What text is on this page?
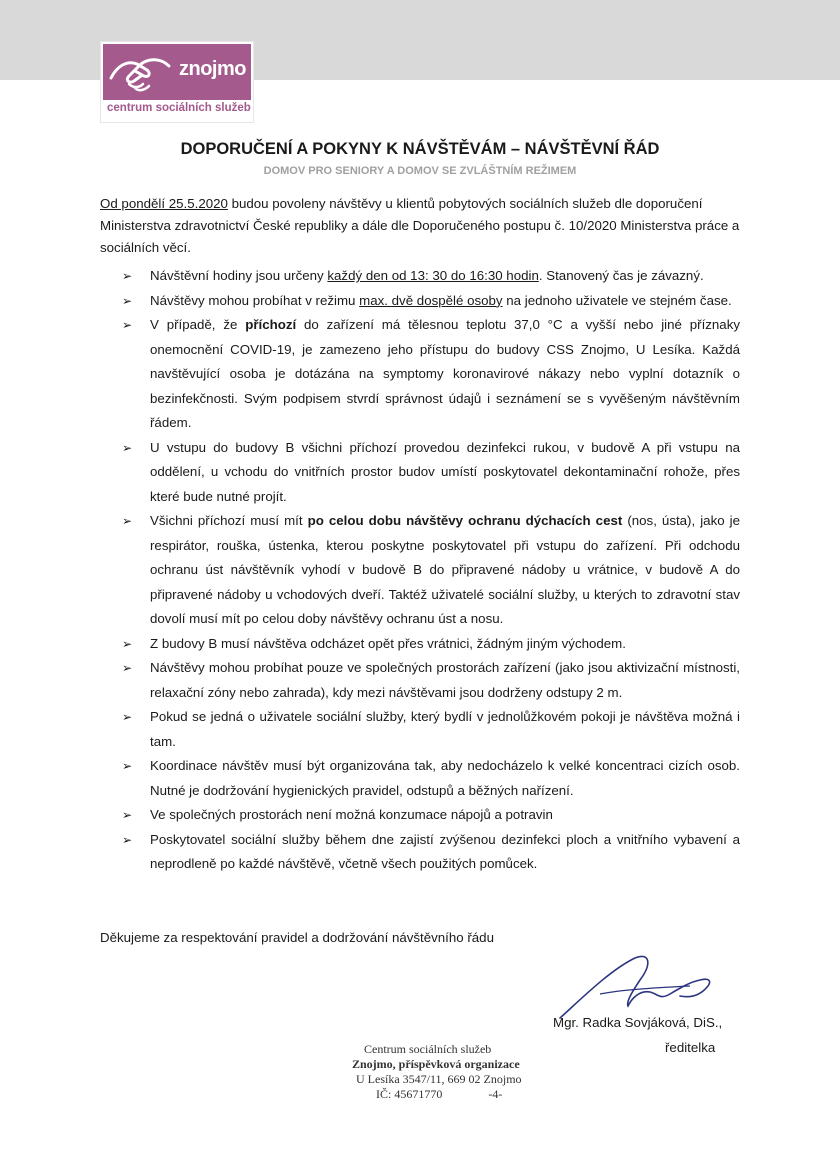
znojmo
centrum sociálních služeb
DOPORUČENÍ A POKYNY K NÁVŠTĚVÁM – NÁVŠTĚVNÍ ŘÁD
DOMOV PRO SENIORY A DOMOV SE ZVLÁŠTNÍM REŽIMEM
Od pondělí 25.5.2020 budou povoleny návštěvy u klientů pobytových sociálních služeb dle doporučení Ministerstva zdravotnictví České republiky a dále dle Doporučeného postupu č. 10/2020 Ministerstva práce a sociálních věcí.
➢ Návštěvní hodiny jsou určeny každý den od 13: 30 do 16:30 hodin. Stanovený čas je závazný.
➢ Návštěvy mohou probíhat v režimu max. dvě dospělé osoby na jednoho uživatele ve stejném čase.
➢ V případě, že příchozí do zařízení má tělesnou teplotu 37,0 °C a vyšší nebo jiné příznaky onemocnění COVID-19, je zamezeno jeho přístupu do budovy CSS Znojmo, U Lesíka. Každá navštěvující osoba je dotázána na symptomy koronavirové nákazy nebo vyplní dotazník o bezinfekčnosti. Svým podpisem stvrdí správnost údajů i seznámení se s vyvěšeným návštěvním řádem.
➢ U vstupu do budovy B všichni příchozí provedou dezinfekci rukou, v budově A při vstupu na oddělení, u vchodu do vnitřních prostor budov umístí poskytovatel dekontaminační rohože, přes které bude nutné projít.
➢ Všichni příchozí musí mít po celou dobu návštěvy ochranu dýchacích cest (nos, ústa), jako je respirátor, rouška, ústenka, kterou poskytne poskytovatel při vstupu do zařízení. Při odchodu ochranu úst návštěvník vyhodí v budově B do připravené nádoby u vrátnice, v budově A do připravené nádoby u vchodových dveří. Taktéž uživatelé sociální služby, u kterých to zdravotní stav dovolí musí mít po celou doby návštěvy ochranu úst a nosu.
➢ Z budovy B musí návštěva odcházet opět přes vrátnici, žádným jiným východem.
➢ Návštěvy mohou probíhat pouze ve společných prostorách zařízení (jako jsou aktivizační místnosti, relaxační zóny nebo zahrada), kdy mezi návštěvami jsou dodrženy odstupy 2 m.
➢ Pokud se jedná o uživatele sociální služby, který bydlí v jednolůžkovém pokoji je návštěva možná i tam.
➢ Koordinace návštěv musí být organizována tak, aby nedocházelo k velké koncentraci cizích osob. Nutné je dodržování hygienických pravidel, odstupů a běžných nařízení.
➢ Ve společných prostorách není možná konzumace nápojů a potravin
➢ Poskytovatel sociální služby během dne zajistí zvýšenou dezinfekci ploch a vnitřního vybavení a neprodleně po každé návštěvě, včetně všech použitých pomůcek.
Děkujeme za respektování pravidel a dodržování návštěvního řádu
Mgr. Radka Sovjáková, DiS.,
ředitelka
Centrum sociálních služeb
Znojmo, příspěvková organizace
U Lesíka 3547/11, 669 02 Znojmo
IČ: 45671770	-4-
